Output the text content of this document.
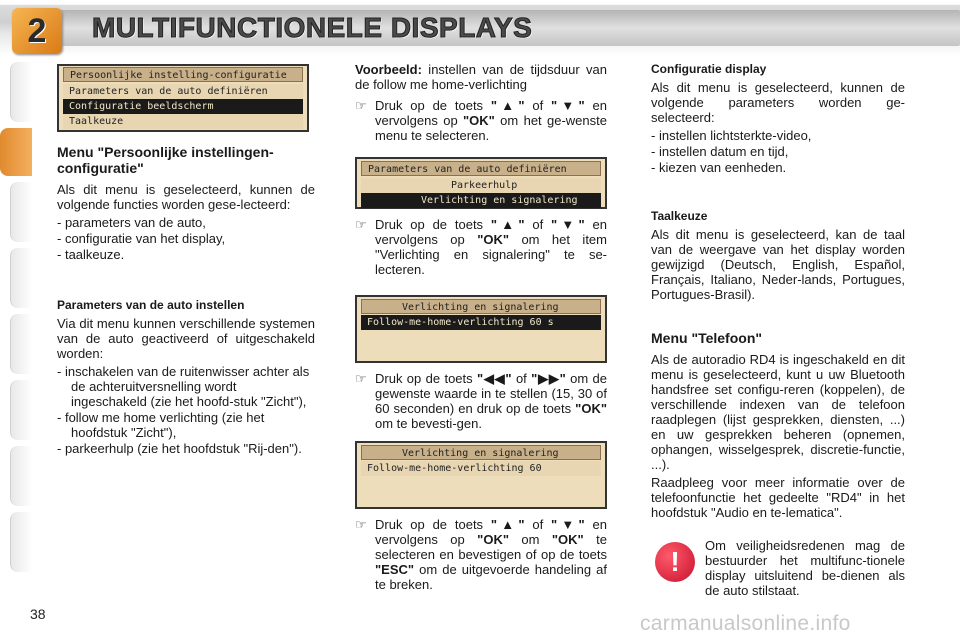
2 MULTIFUNCTIONELE DISPLAYS
Persoonlijke instelling-configuratie
Parameters van de auto definiëren
Configuratie beeldscherm
Taalkeuze
Menu "Persoonlijke instellingen-configuratie"

Als dit menu is geselecteerd, kunnen de volgende functies worden gese-lecteerd:

- parameters van de auto,
- configuratie van het display,
- taalkeuze.
Parameters van de auto instellen

Via dit menu kunnen verschillende systemen van de auto geactiveerd of uitgeschakeld worden:

- inschakelen van de ruitenwisser achter als de achteruitversnelling wordt ingeschakeld (zie het hoofd-stuk "Zicht"),
- follow me home verlichting (zie het hoofdstuk "Zicht"),
- parkeerhulp (zie het hoofdstuk "Rij-den").

Voorbeeld: instellen van de tijdsduur van de follow me home-verlichting

☞ Druk op de toets "▲" of "▼" en vervolgens op "OK" om het ge-wenste menu te selecteren.
Parameters van de auto definiëren
Parkeerhulp
Verlichting en signalering
☞ Druk op de toets "▲" of "▼" en vervolgens op "OK" om het item "Verlichting en signalering" te se-lecteren.
Verlichting en signalering
Follow-me-home-verlichting 60 s
☞ Druk op de toets "◀◀" of "▶▶" om de gewenste waarde in te stellen (15, 30 of 60 seconden) en druk op de toets "OK" om te bevesti-gen.
Verlichting en signalering
Follow-me-home-verlichting 60
☞ Druk op de toets "▲" of "▼" en vervolgens op "OK" om "OK" te selecteren en bevestigen of op de toets "ESC" om de uitgevoerde handeling af te breken.
Configuratie display

Als dit menu is geselecteerd, kunnen de volgende parameters worden ge-selecteerd:

- instellen lichtsterkte-video,
- instellen datum en tijd,
- kiezen van eenheden.
Taalkeuze

Als dit menu is geselecteerd, kan de taal van de weergave van het display worden gewijzigd (Deutsch, English, Español, Français, Italiano, Neder-lands, Portugues, Portugues-Brasil).

Menu "Telefoon"

Als de autoradio RD4 is ingeschakeld en dit menu is geselecteerd, kunt u uw Bluetooth handsfree set configu-reren (koppelen), de verschillende indexen van de telefoon raadplegen (lijst gesprekken, diensten, ...) en uw gesprekken beheren (opnemen, ophangen, wisselgesprek, discretie-functie, ...).

Raadpleeg voor meer informatie over de telefoonfunctie het gedeelte "RD4" in het hoofdstuk "Audio en te-lematica".

!

Om veiligheidsredenen mag de bestuurder het multifunc-tionele display uitsluitend be-dienen als de auto stilstaat.

38	carmanualsonline.info
